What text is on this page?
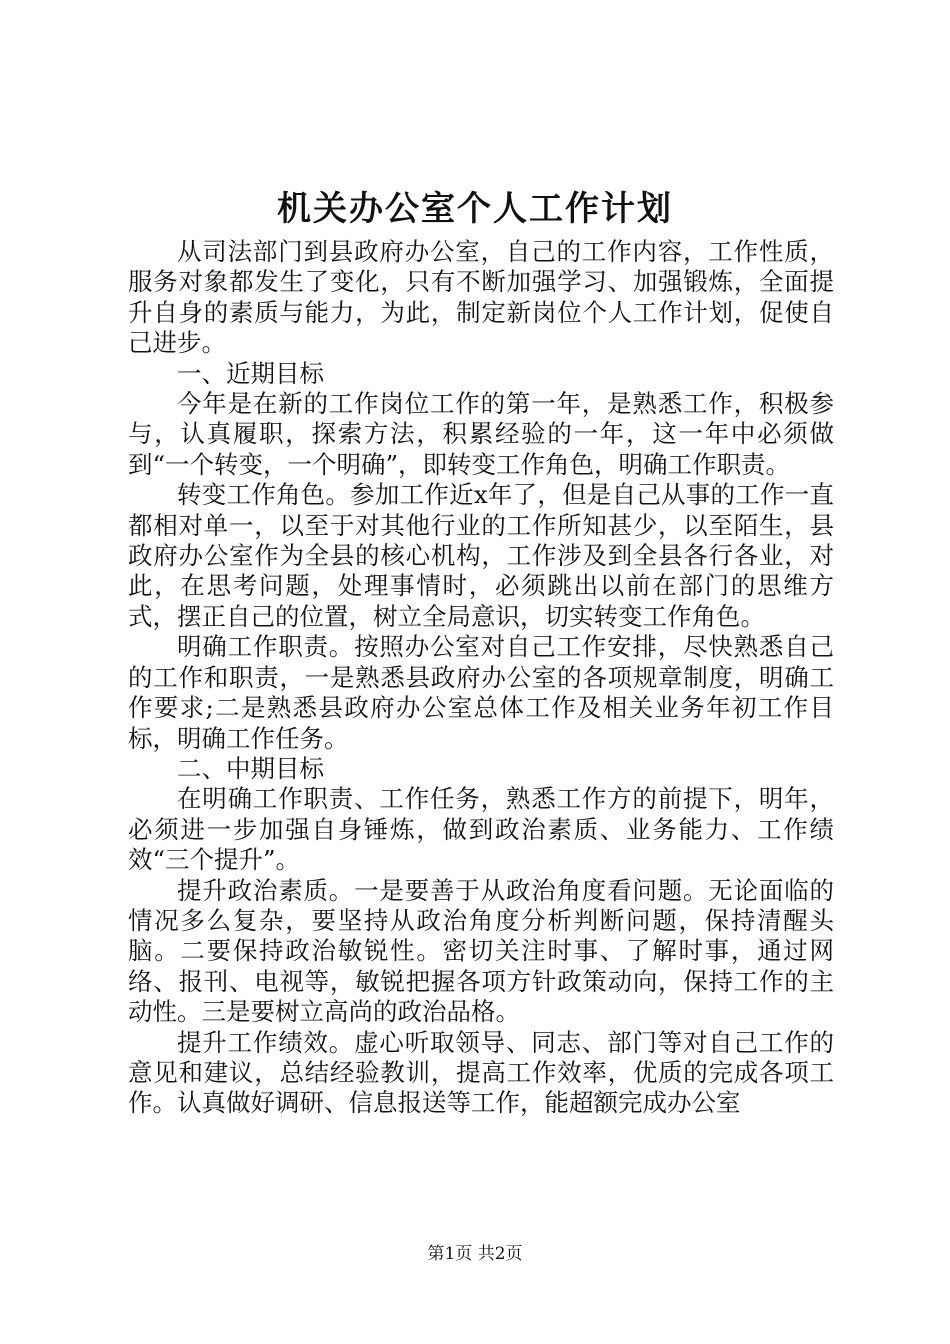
机关办公室个人工作计划

从司法部门到县政府办公室，自己的工作内容，工作性质，服务对象都发生了变化，只有不断加强学习、加强锻炼，全面提升自身的素质与能力，为此，制定新岗位个人工作计划，促使自己进步。

一、近期目标

今年是在新的工作岗位工作的第一年，是熟悉工作，积极参与，认真履职，探索方法，积累经验的一年，这一年中必须做到“一个转变，一个明确”，即转变工作角色，明确工作职责。

转变工作角色。参加工作近x年了，但是自己从事的工作一直都相对单一，以至于对其他行业的工作所知甚少，以至陌生，县政府办公室作为全县的核心机构，工作涉及到全县各行各业，对此，在思考问题，处理事情时，必须跳出以前在部门的思维方式，摆正自己的位置，树立全局意识，切实转变工作角色。

明确工作职责。按照办公室对自己工作安排，尽快熟悉自己的工作和职责，一是熟悉县政府办公室的各项规章制度，明确工作要求;二是熟悉县政府办公室总体工作及相关业务年初工作目标，明确工作任务。

二、中期目标

在明确工作职责、工作任务，熟悉工作方的前提下，明年，必须进一步加强自身锤炼，做到政治素质、业务能力、工作绩效“三个提升”。

提升政治素质。一是要善于从政治角度看问题。无论面临的情况多么复杂，要坚持从政治角度分析判断问题，保持清醒头脑。二要保持政治敏锐性。密切关注时事、了解时事，通过网络、报刊、电视等，敏锐把握各项方针政策动向，保持工作的主动性。三是要树立高尚的政治品格。

提升工作绩效。虚心听取领导、同志、部门等对自己工作的意见和建议，总结经验教训，提高工作效率，优质的完成各项工作。认真做好调研、信息报送等工作，能超额完成办公室

第1页 共2页
